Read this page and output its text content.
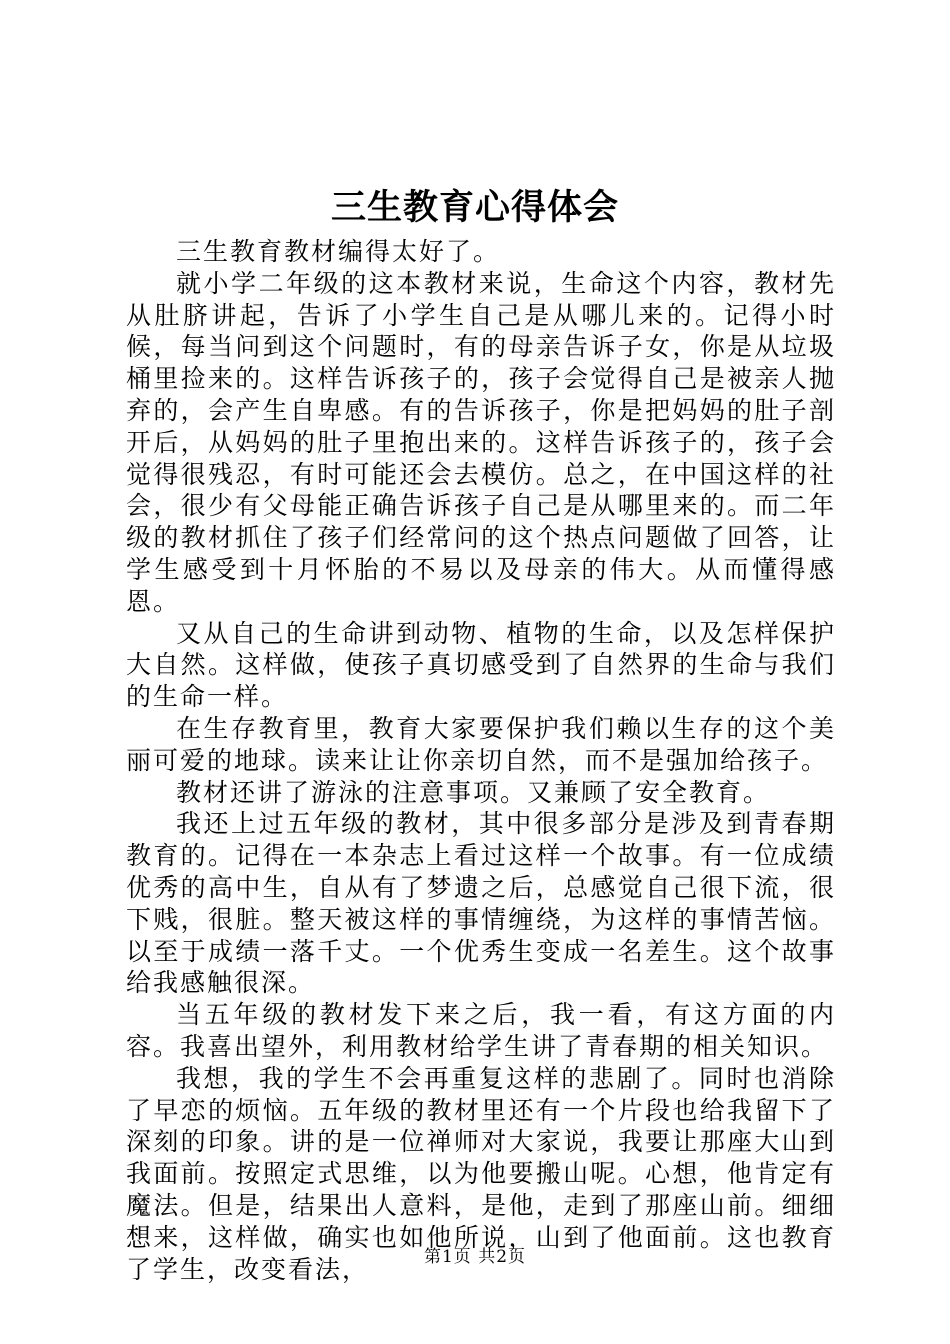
三生教育心得体会

三生教育教材编得太好了。

就小学二年级的这本教材来说，生命这个内容，教材先从肚脐讲起，告诉了小学生自己是从哪儿来的。记得小时候，每当问到这个问题时，有的母亲告诉子女，你是从垃圾桶里捡来的。这样告诉孩子的，孩子会觉得自己是被亲人抛弃的，会产生自卑感。有的告诉孩子，你是把妈妈的肚子剖开后，从妈妈的肚子里抱出来的。这样告诉孩子的，孩子会觉得很残忍，有时可能还会去模仿。总之，在中国这样的社会，很少有父母能正确告诉孩子自己是从哪里来的。而二年级的教材抓住了孩子们经常问的这个热点问题做了回答，让学生感受到十月怀胎的不易以及母亲的伟大。从而懂得感恩。

又从自己的生命讲到动物、植物的生命，以及怎样保护大自然。这样做，使孩子真切感受到了自然界的生命与我们的生命一样。

在生存教育里，教育大家要保护我们赖以生存的这个美丽可爱的地球。读来让让你亲切自然，而不是强加给孩子。

教材还讲了游泳的注意事项。又兼顾了安全教育。

我还上过五年级的教材，其中很多部分是涉及到青春期教育的。记得在一本杂志上看过这样一个故事。有一位成绩优秀的高中生，自从有了梦遗之后，总感觉自己很下流，很下贱，很脏。整天被这样的事情缠绕，为这样的事情苦恼。以至于成绩一落千丈。一个优秀生变成一名差生。这个故事给我感触很深。

当五年级的教材发下来之后，我一看，有这方面的内容。我喜出望外，利用教材给学生讲了青春期的相关知识。

我想，我的学生不会再重复这样的悲剧了。同时也消除了早恋的烦恼。五年级的教材里还有一个片段也给我留下了深刻的印象。讲的是一位禅师对大家说，我要让那座大山到我面前。按照定式思维，以为他要搬山呢。心想，他肯定有魔法。但是，结果出人意料，是他，走到了那座山前。细细想来，这样做，确实也如他所说，山到了他面前。这也教育了学生，改变看法，	第1页 共2页
